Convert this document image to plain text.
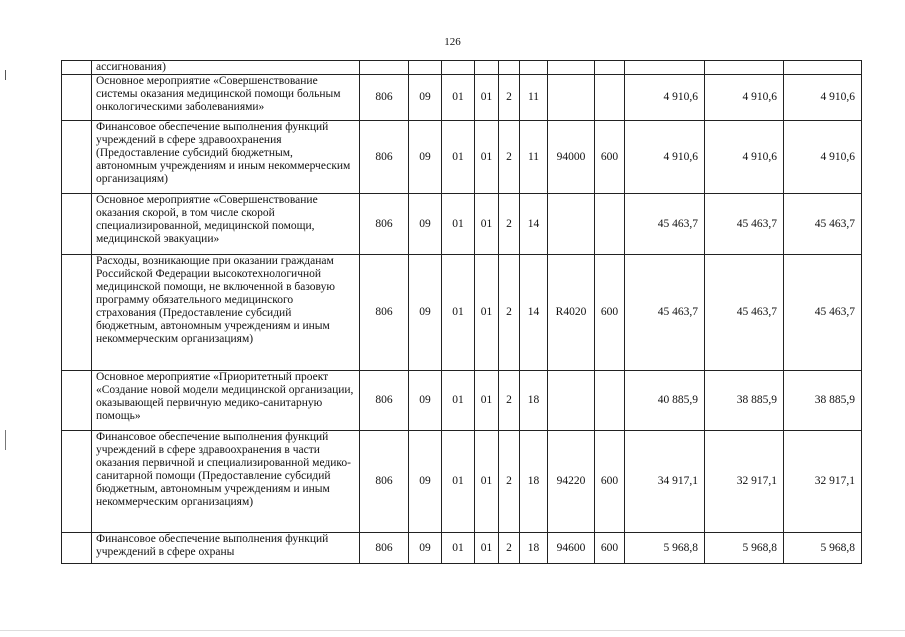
126
	ассигнования)											
	Основное мероприятие «Совершенствование системы оказания медицинской помощи больным онкологическими заболеваниями»	806	09	01	01	2	11			4 910,6	4 910,6	4 910,6
	Финансовое обеспечение выполнения функций учреждений в сфере здравоохранения (Предоставление субсидий бюджетным, автономным учреждениям и иным некоммерческим организациям)	806	09	01	01	2	11	94000	600	4 910,6	4 910,6	4 910,6
	Основное мероприятие «Совершенствование оказания скорой, в том числе скорой специализированной, медицинской помощи, медицинской эвакуации»	806	09	01	01	2	14			45 463,7	45 463,7	45 463,7
	Расходы, возникающие при оказании гражданам Российской Федерации высокотехнологичной медицинской помощи, не включенной в базовую программу обязательного медицинского страхования (Предоставление субсидий бюджетным, автономным учреждениям и иным некоммерческим организациям)	806	09	01	01	2	14	R4020	600	45 463,7	45 463,7	45 463,7
	Основное мероприятие «Приоритетный проект «Создание новой модели медицинской организации, оказывающей первичную медико-санитарную помощь»	806	09	01	01	2	18			40 885,9	38 885,9	38 885,9
	Финансовое обеспечение выполнения функций учреждений в сфере здравоохранения в части оказания первичной и специализированной медико-санитарной помощи (Предоставление субсидий бюджетным, автономным учреждениям и иным некоммерческим организациям)	806	09	01	01	2	18	94220	600	34 917,1	32 917,1	32 917,1
	Финансовое обеспечение выполнения функций учреждений в сфере охраны	806	09	01	01	2	18	94600	600	5 968,8	5 968,8	5 968,8
